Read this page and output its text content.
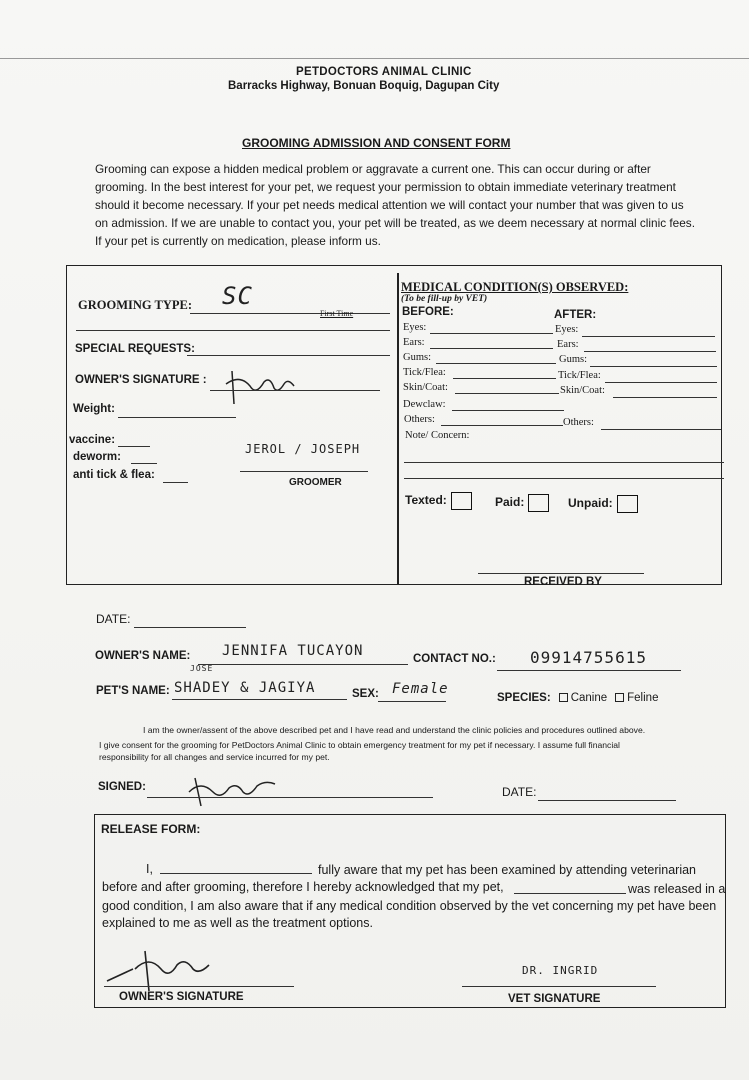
PETDOCTORS ANIMAL CLINIC
Barracks Highway, Bonuan Boquig, Dagupan City
GROOMING ADMISSION AND CONSENT FORM
Grooming can expose a hidden medical problem or aggravate a current one. This can occur during or after
grooming. In the best interest for your pet, we request your permission to obtain immediate veterinary treatment
should it become necessary. If your pet needs medical attention we will contact your number that was given to us
on admission. If we are unable to contact you, your pet will be treated, as we deem necessary at normal clinic fees.
If your pet is currently on medication, please inform us.
GROOMING TYPE: SC
First Time
SPECIAL REQUESTS:
OWNER'S SIGNATURE :
Weight:
vaccine:
deworm:
anti tick & flea:
JEROL / JOSEPH
GROOMER
MEDICAL CONDITION(S) OBSERVED:
(To be fill-up by VET)
BEFORE:	AFTER:
Eyes:
Ears:
Gums:
Tick/Flea:
Skin/Coat:
Dewclaw:
Others:
Eyes:
Ears:
Gums:
Tick/Flea:
Skin/Coat:
Others:
Note/ Concern:
Texted:	Paid:	Unpaid:
RECEIVED BY
DATE:
OWNER'S NAME: JENNIFA TUCAYON	CONTACT NO.: 09914755615
JOSE
PET'S NAME: SHADEY & JAGIYA	SEX: Female
SPECIES: Canine Feline
I am the owner/assent of the above described pet and I have read and understand the clinic policies and procedures outlined above.
I give consent for the grooming for PetDoctors Animal Clinic to obtain emergency treatment for my pet if necessary. I assume full financial
responsibility for all changes and service incurred for my pet.
SIGNED:	DATE:
RELEASE FORM:
I,	fully aware that my pet has been examined by attending veterinarian
before and after grooming, therefore I hereby acknowledged that my pet,	was released in a
good condition, I am also aware that if any medical condition observed by the vet concerning my pet have been
explained to me as well as the treatment options.
OWNER'S SIGNATURE
DR. INGRID
VET SIGNATURE
